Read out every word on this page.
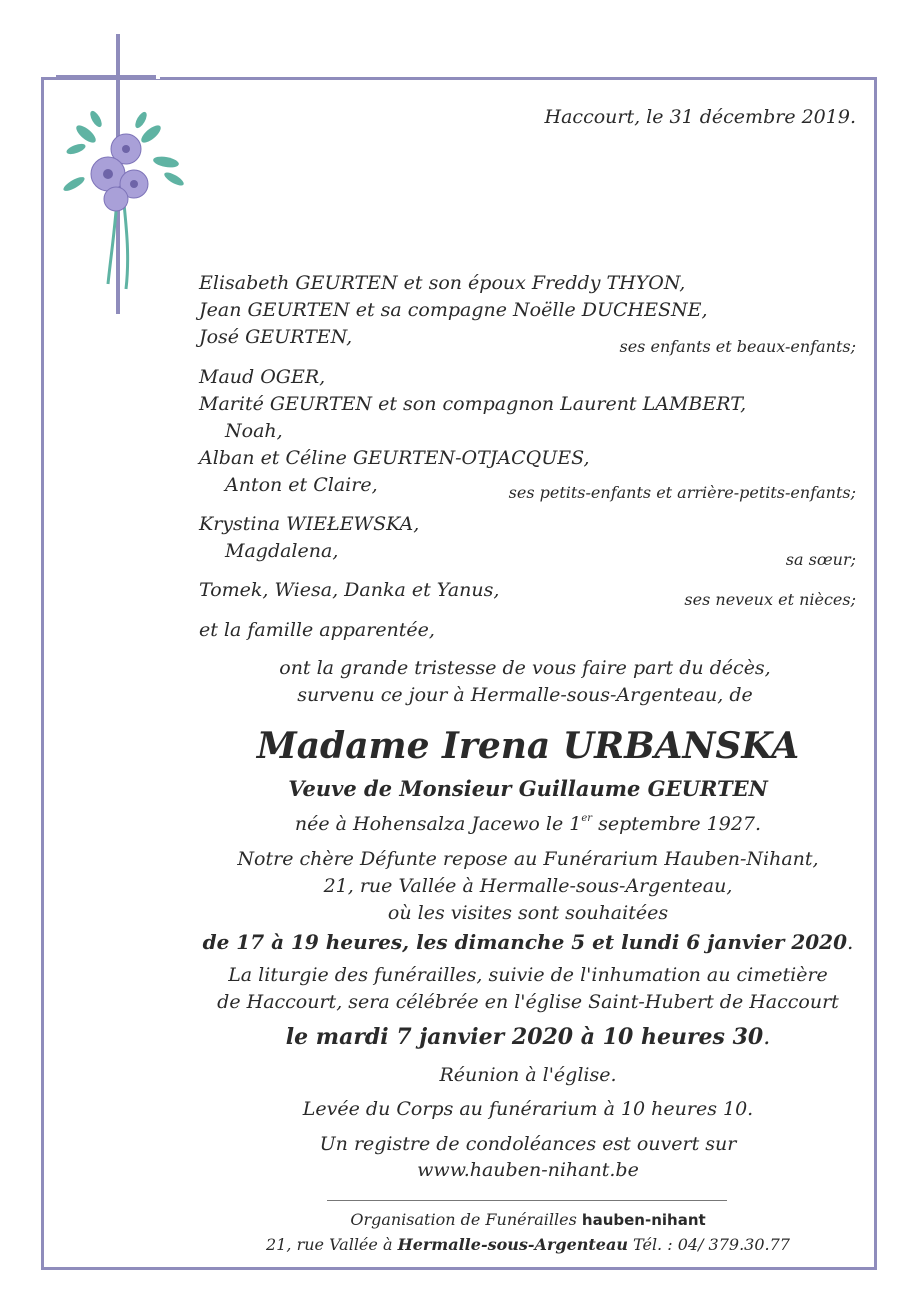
Haccourt, le 31 décembre 2019.
Elisabeth GEURTEN et son époux Freddy THYON,
Jean GEURTEN et sa compagne Noëlle DUCHESNE,
José GEURTEN,	ses enfants et beaux-enfants;
Maud OGER,
Marité GEURTEN et son compagnon Laurent LAMBERT,
Noah,
Alban et Céline GEURTEN-OTJACQUES,
Anton et Claire,	ses petits-enfants et arrière-petits-enfants;
Krystina WIEŁEWSKA,
Magdalena,	sa sœur;
Tomek, Wiesa, Danka et Yanus,	ses neveux et nièces;
et la famille apparentée,
ont la grande tristesse de vous faire part du décès,
survenu ce jour à Hermalle-sous-Argenteau, de
Madame Irena URBANSKA
Veuve de Monsieur Guillaume GEURTEN
née à Hohensalza Jacewo le 1er septembre 1927.
Notre chère Défunte repose au Funérarium Hauben-Nihant,
21, rue Vallée à Hermalle-sous-Argenteau,
où les visites sont souhaitées
de 17 à 19 heures, les dimanche 5 et lundi 6 janvier 2020.
La liturgie des funérailles, suivie de l'inhumation au cimetière
de Haccourt, sera célébrée en l'église Saint-Hubert de Haccourt
le mardi 7 janvier 2020 à 10 heures 30.
Réunion à l'église.
Levée du Corps au funérarium à 10 heures 10.
Un registre de condoléances est ouvert sur
www.hauben-nihant.be
Organisation de Funérailles hauben-nihant
21, rue Vallée à Hermalle-sous-Argenteau Tél. : 04/ 379.30.77
